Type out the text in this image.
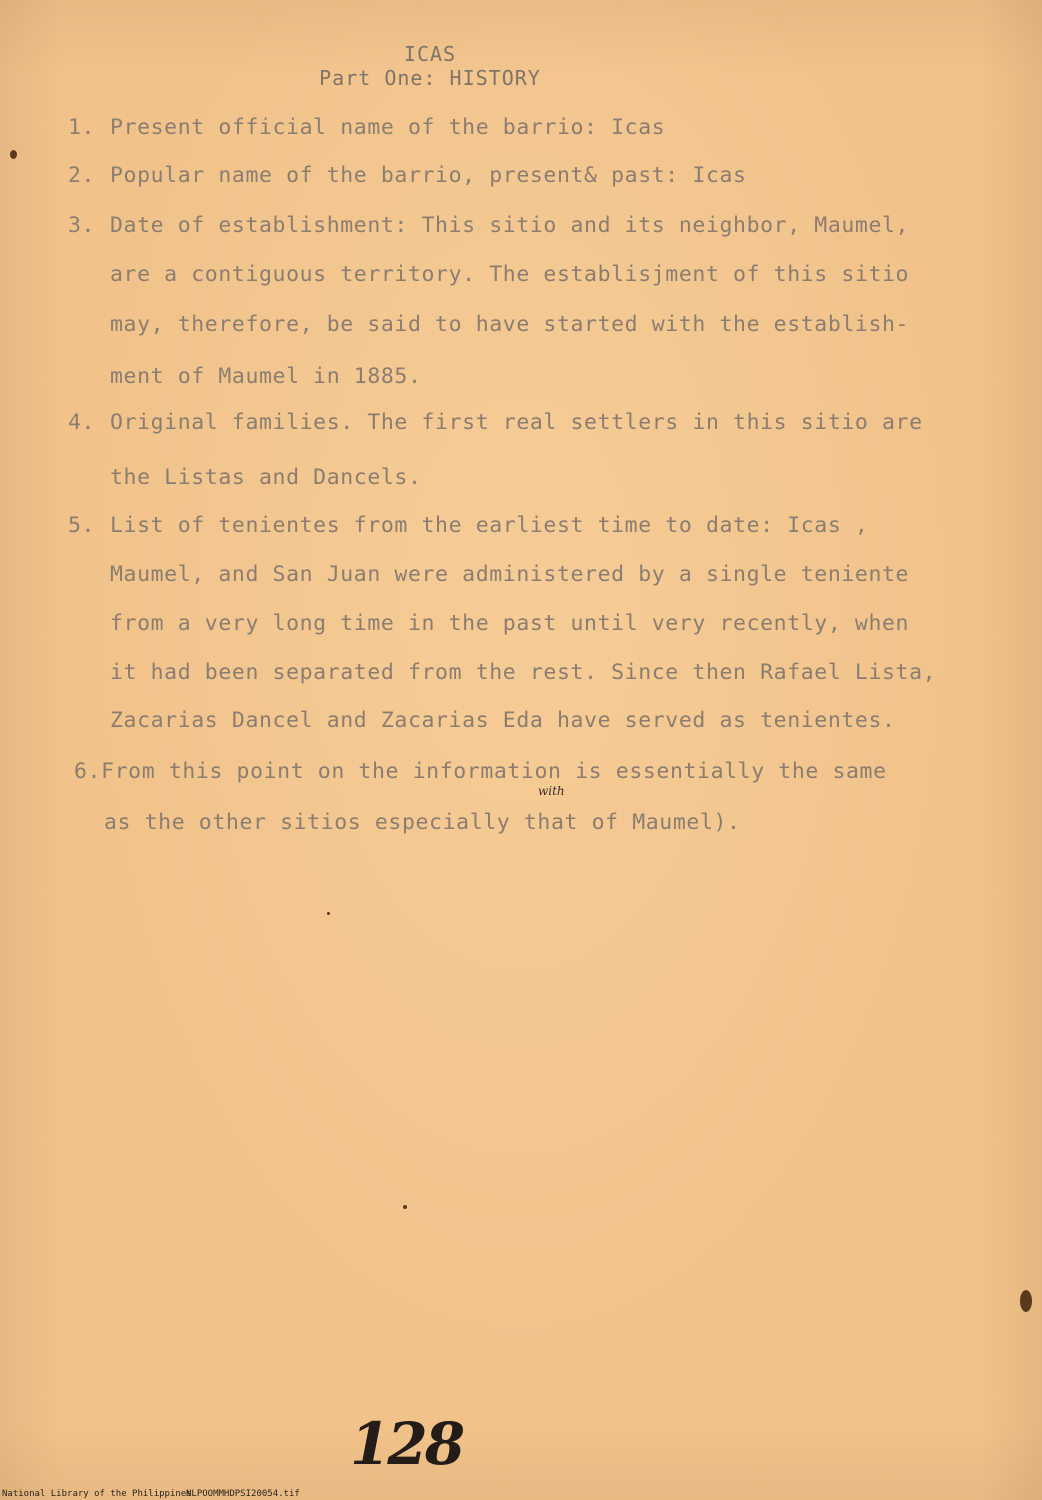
ICAS
Part One: HISTORY
1. Present official name of the barrio: Icas
2. Popular name of the barrio, present& past: Icas
3. Date of establishment: This sitio and its neighbor, Maumel,
are a contiguous territory. The establisjment of this sitio
may, therefore, be said to have started with the establish-
ment of Maumel in 1885.
4. Original families. The first real settlers in this sitio are
the Listas and Dancels.
5. List of tenientes from the earliest time to date: Icas ,
Maumel, and San Juan were administered by a single teniente
from a very long time in the past until very recently, when
it had been separated from the rest. Since then Rafael Lista,
Zacarias Dancel and Zacarias Eda have served as tenientes.
6.From this point on the information is essentially the same
as the other sitios especially that of Maumel).
with
128
National Library of the Philippines
NLPOOMMHDPSI20054.tif
